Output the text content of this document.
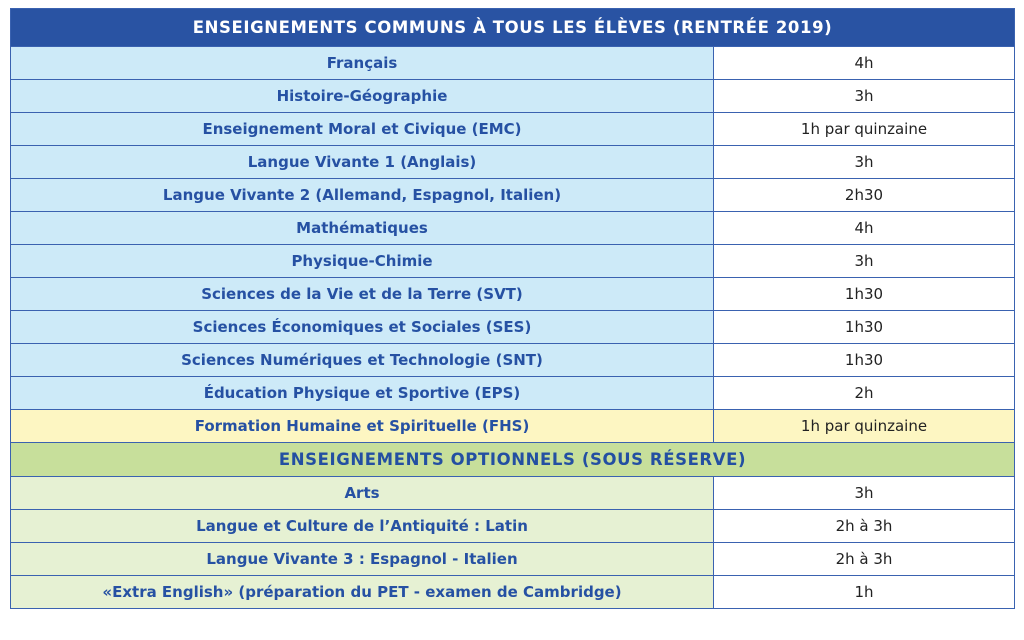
ENSEIGNEMENTS COMMUNS À TOUS LES ÉLÈVES (RENTRÉE 2019)	
Français	4h
Histoire-Géographie	3h
Enseignement Moral et Civique (EMC)	1h par quinzaine
Langue Vivante 1 (Anglais)	3h
Langue Vivante 2 (Allemand, Espagnol, Italien)	2h30
Mathématiques	4h
Physique-Chimie	3h
Sciences de la Vie et de la Terre (SVT)	1h30
Sciences Économiques et Sociales (SES)	1h30
Sciences Numériques et Technologie (SNT)	1h30
Éducation Physique et Sportive (EPS)	2h
Formation Humaine et Spirituelle (FHS)	1h par quinzaine
ENSEIGNEMENTS OPTIONNELS (SOUS RÉSERVE)	
Arts	3h
Langue et Culture de l’Antiquité : Latin	2h à 3h
Langue Vivante 3 : Espagnol - Italien	2h à 3h
«Extra English» (préparation du PET - examen de Cambridge)	1h
